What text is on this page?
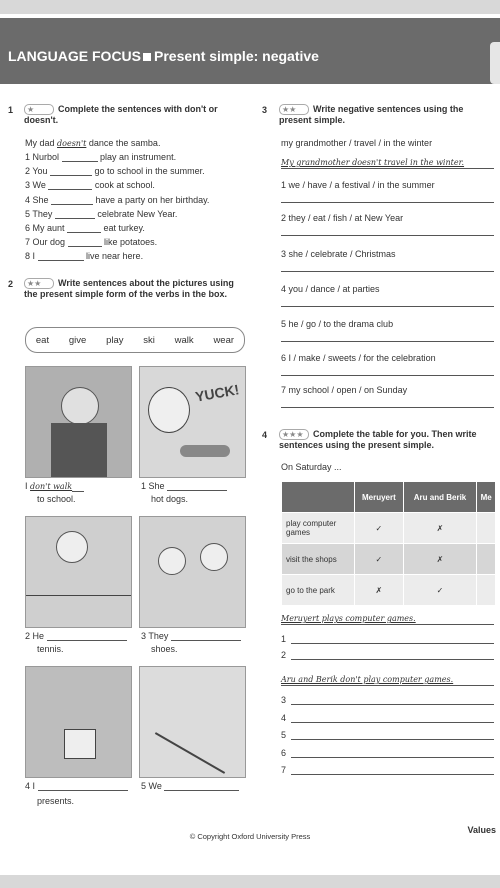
LANGUAGE FOCUS Present simple: negative
1	★	Complete the sentences with don't or doesn't.
My dad doesn't dance the samba.
1 Nurbol	play an instrument.
2 You	go to school in the summer.
3 We	cook at school.
4 She	have a party on her birthday.
5 They	celebrate New Year.
6 My aunt	eat turkey.
7 Our dog	like potatoes.
8 I	live near here.
2	★★ Write sentences about the pictures using the present simple form of the verbs in the box.
eat give play ski walk wear
YUCK!
I don't walk
to school.
1 She
hot dogs.
2 He
tennis.
3 They
shoes.
4 I
presents.
5 We
3	★★ Write negative sentences using the present simple.
my grandmother / travel / in the winter
My grandmother doesn't travel in the winter.
1 we / have / a festival / in the summer
2 they / eat / fish / at New Year
3 she / celebrate / Christmas
4 you / dance / at parties
5 he / go / to the drama club
6 I / make / sweets / for the celebration
7 my school / open / on Sunday
4	★★★ Complete the table for you. Then write sentences using the present simple.
On Saturday ...
	Meruyert	Aru and Berik	Me
play computer games	✓	✗	
visit the shops	✓	✗	
go to the park	✗	✓	
Meruyert plays computer games.
1
2
Aru and Berik don't play computer games.
3
4
5
6
7
Values
© Copyright Oxford University Press
